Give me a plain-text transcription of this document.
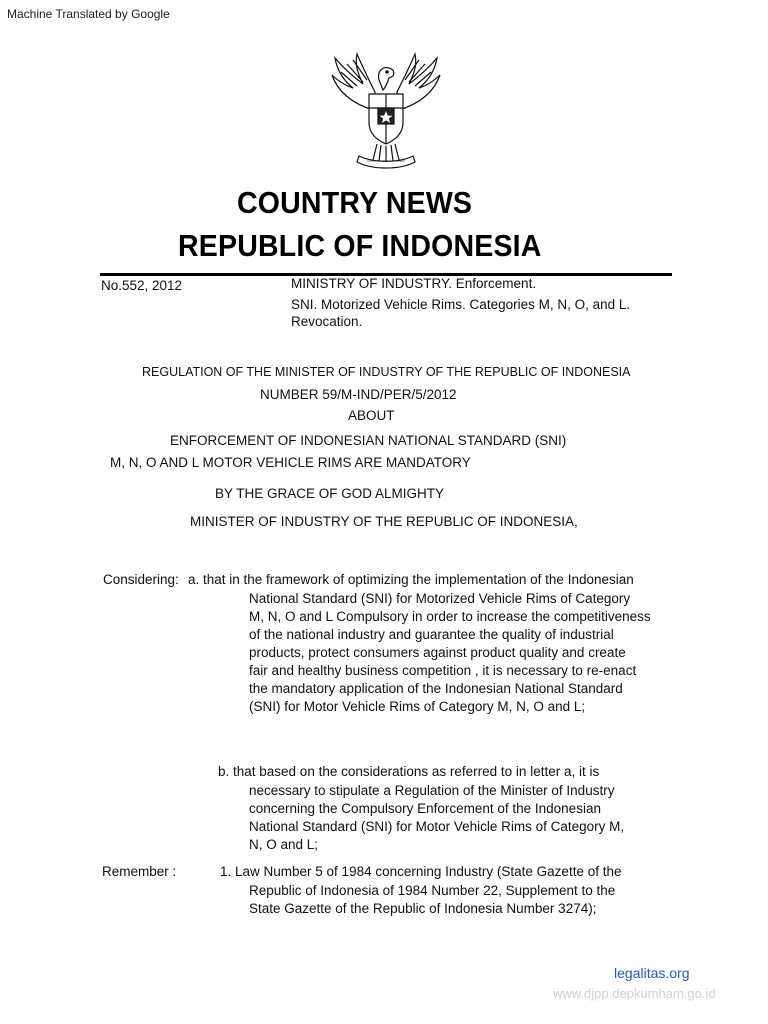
Machine Translated by Google
COUNTRY NEWS
REPUBLIC OF INDONESIA
No.552, 2012	MINISTRY OF INDUSTRY. Enforcement.
SNI. Motorized Vehicle Rims. Categories M, N, O, and L.
Revocation.
REGULATION OF THE MINISTER OF INDUSTRY OF THE REPUBLIC OF INDONESIA
NUMBER 59/M-IND/PER/5/2012
ABOUT
ENFORCEMENT OF INDONESIAN NATIONAL STANDARD (SNI)
M, N, O AND L MOTOR VEHICLE RIMS ARE MANDATORY
BY THE GRACE OF GOD ALMIGHTY
MINISTER OF INDUSTRY OF THE REPUBLIC OF INDONESIA,
Considering: a. that in the framework of optimizing the implementation of the Indonesian
National Standard (SNI) for Motorized Vehicle Rims of Category
M, N, O and L Compulsory in order to increase the competitiveness
of the national industry and guarantee the quality of industrial
products, protect consumers against product quality and create
fair and healthy business competition , it is necessary to re-enact
the mandatory application of the Indonesian National Standard
(SNI) for Motor Vehicle Rims of Category M, N, O and L;
b. that based on the considerations as referred to in letter a, it is
necessary to stipulate a Regulation of the Minister of Industry
concerning the Compulsory Enforcement of the Indonesian
National Standard (SNI) for Motor Vehicle Rims of Category M,
N, O and L;
Remember :	1. Law Number 5 of 1984 concerning Industry (State Gazette of the
Republic of Indonesia of 1984 Number 22, Supplement to the
State Gazette of the Republic of Indonesia Number 3274);
legalitas.org
www.djpp.depkumham.go.id
